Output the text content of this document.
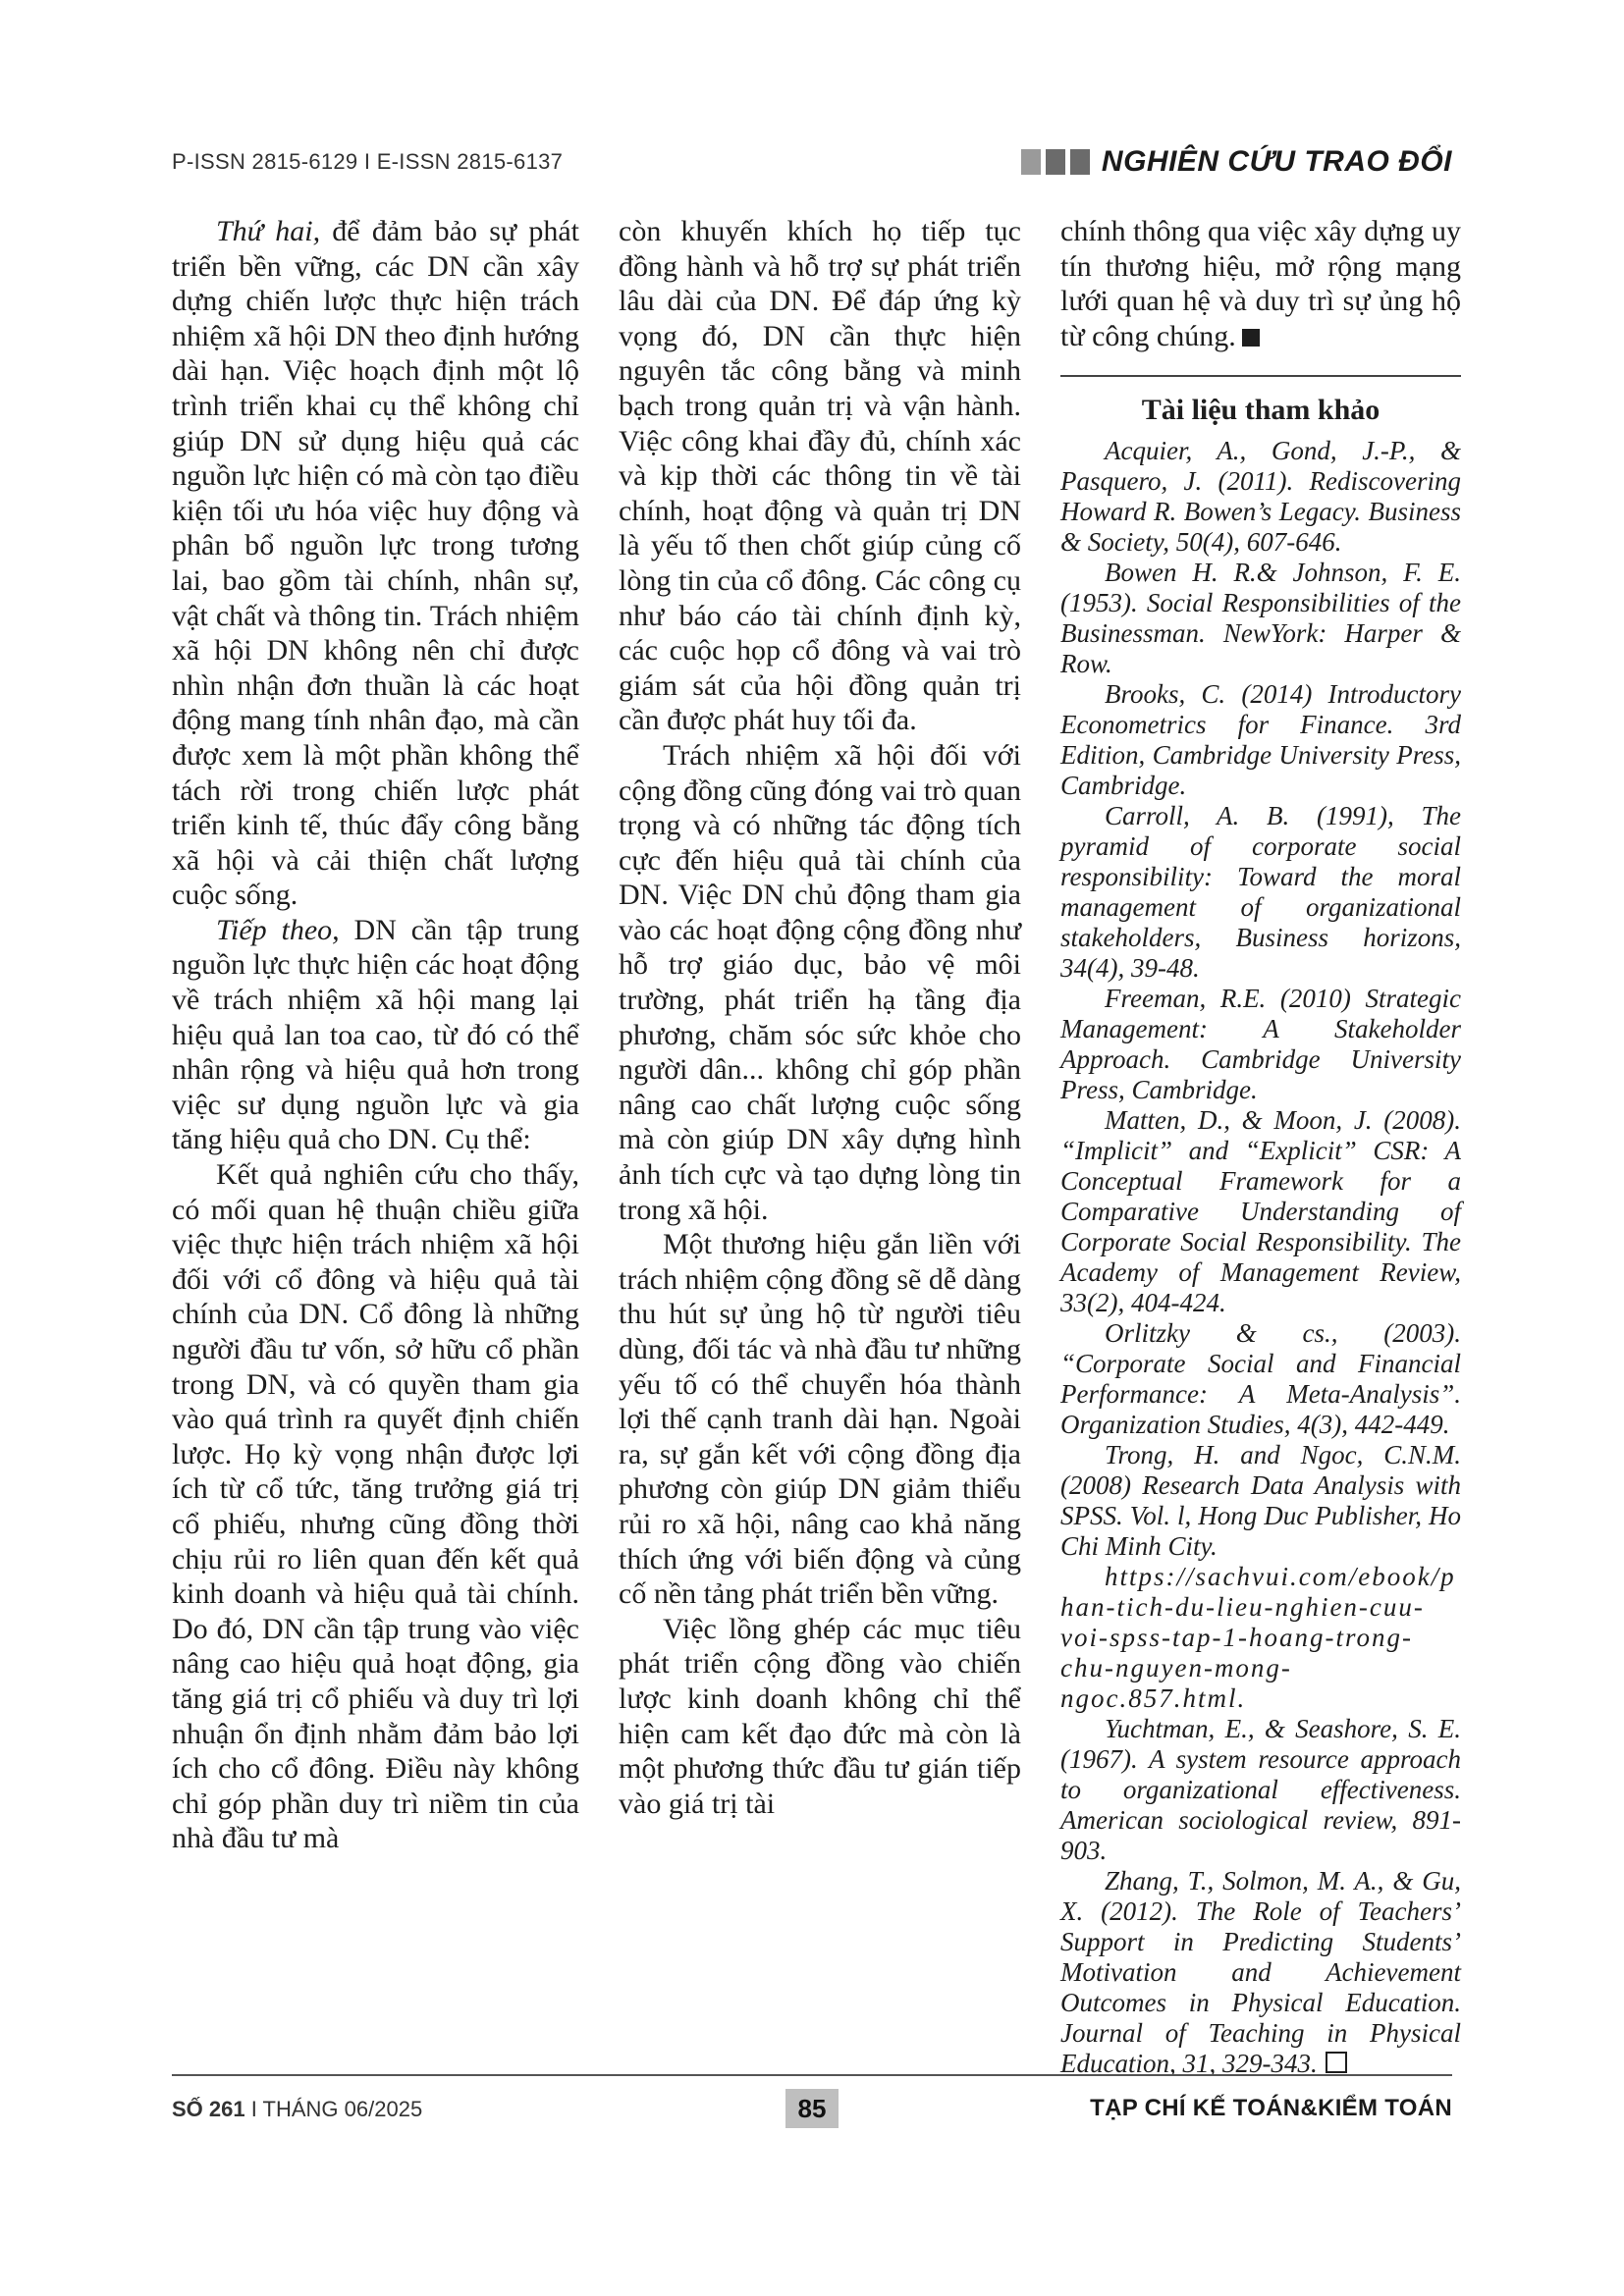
P-ISSN 2815-6129 I E-ISSN 2815-6137	NGHIÊN CỨU TRAO ĐỔI

Thứ hai, để đảm bảo sự phát triển bền vững, các DN cần xây dựng chiến lược thực hiện trách nhiệm xã hội DN theo định hướng dài hạn. Việc hoạch định một lộ trình triển khai cụ thể không chỉ giúp DN sử dụng hiệu quả các nguồn lực hiện có mà còn tạo điều kiện tối ưu hóa việc huy động và phân bổ nguồn lực trong tương lai, bao gồm tài chính, nhân sự, vật chất và thông tin. Trách nhiệm xã hội DN không nên chỉ được nhìn nhận đơn thuần là các hoạt động mang tính nhân đạo, mà cần được xem là một phần không thể tách rời trong chiến lược phát triển kinh tế, thúc đẩy công bằng xã hội và cải thiện chất lượng cuộc sống.

Tiếp theo, DN cần tập trung nguồn lực thực hiện các hoạt động về trách nhiệm xã hội mang lại hiệu quả lan toa cao, từ đó có thể nhân rộng và hiệu quả hơn trong việc sư dụng nguồn lực và gia tăng hiệu quả cho DN. Cụ thể:

Kết quả nghiên cứu cho thấy, có mối quan hệ thuận chiều giữa việc thực hiện trách nhiệm xã hội đối với cổ đông và hiệu quả tài chính của DN. Cổ đông là những người đầu tư vốn, sở hữu cổ phần trong DN, và có quyền tham gia vào quá trình ra quyết định chiến lược. Họ kỳ vọng nhận được lợi ích từ cổ tức, tăng trưởng giá trị cổ phiếu, nhưng cũng đồng thời chịu rủi ro liên quan đến kết quả kinh doanh và hiệu quả tài chính. Do đó, DN cần tập trung vào việc nâng cao hiệu quả hoạt động, gia tăng giá trị cổ phiếu và duy trì lợi nhuận ổn định nhằm đảm bảo lợi ích cho cổ đông. Điều này không chỉ góp phần duy trì niềm tin của nhà đầu tư mà

còn khuyến khích họ tiếp tục đồng hành và hỗ trợ sự phát triển lâu dài của DN. Để đáp ứng kỳ vọng đó, DN cần thực hiện nguyên tắc công bằng và minh bạch trong quản trị và vận hành. Việc công khai đầy đủ, chính xác và kịp thời các thông tin về tài chính, hoạt động và quản trị DN là yếu tố then chốt giúp củng cố lòng tin của cổ đông. Các công cụ như báo cáo tài chính định kỳ, các cuộc họp cổ đông và vai trò giám sát của hội đồng quản trị cần được phát huy tối đa.

Trách nhiệm xã hội đối với cộng đồng cũng đóng vai trò quan trọng và có những tác động tích cực đến hiệu quả tài chính của DN. Việc DN chủ động tham gia vào các hoạt động cộng đồng như hỗ trợ giáo dục, bảo vệ môi trường, phát triển hạ tầng địa phương, chăm sóc sức khỏe cho người dân... không chỉ góp phần nâng cao chất lượng cuộc sống mà còn giúp DN xây dựng hình ảnh tích cực và tạo dựng lòng tin trong xã hội.

Một thương hiệu gắn liền với trách nhiệm cộng đồng sẽ dễ dàng thu hút sự ủng hộ từ người tiêu dùng, đối tác và nhà đầu tư những yếu tố có thể chuyển hóa thành lợi thế cạnh tranh dài hạn. Ngoài ra, sự gắn kết với cộng đồng địa phương còn giúp DN giảm thiểu rủi ro xã hội, nâng cao khả năng thích ứng với biến động và củng cố nền tảng phát triển bền vững.

Việc lồng ghép các mục tiêu phát triển cộng đồng vào chiến lược kinh doanh không chỉ thể hiện cam kết đạo đức mà còn là một phương thức đầu tư gián tiếp vào giá trị tài

chính thông qua việc xây dựng uy tín thương hiệu, mở rộng mạng lưới quan hệ và duy trì sự ủng hộ từ công chúng.

Tài liệu tham khảo

Acquier, A., Gond, J.-P., & Pasquero, J. (2011). Rediscovering Howard R. Bowen’s Legacy. Business & Society, 50(4), 607-646.

Bowen H. R.& Johnson, F. E. (1953). Social Responsibilities of the Businessman. NewYork: Harper & Row.

Brooks, C. (2014) Introductory Econometrics for Finance. 3rd Edition, Cambridge University Press, Cambridge.

Carroll, A. B. (1991), The pyramid of corporate social responsibility: Toward the moral management of organizational stakeholders, Business horizons, 34(4), 39-48.

Freeman, R.E. (2010) Strategic Management: A Stakeholder Approach. Cambridge University Press, Cambridge.

Matten, D., & Moon, J. (2008). “Implicit” and “Explicit” CSR: A Conceptual Framework for a Comparative Understanding of Corporate Social Responsibility. The Academy of Management Review, 33(2), 404-424.

Orlitzky & cs., (2003). “Corporate Social and Financial Performance: A Meta-Analysis”. Organization Studies, 4(3), 442-449.

Trong, H. and Ngoc, C.N.M. (2008) Research Data Analysis with SPSS. Vol. l, Hong Duc Publisher, Ho Chi Minh City.

https://sachvui.com/ebook/phan-tich-du-lieu-nghien-cuu-voi-spss-tap-1-hoang-trong-chu-nguyen-mong-ngoc.857.html.

Yuchtman, E., & Seashore, S. E. (1967). A system resource approach to organizational effectiveness. American sociological review, 891-903.

Zhang, T., Solmon, M. A., & Gu, X. (2012). The Role of Teachers’ Support in Predicting Students’ Motivation and Achievement Outcomes in Physical Education. Journal of Teaching in Physical Education, 31, 329-343.

SỐ 261 I THÁNG 06/2025	85	TẠP CHÍ KẾ TOÁN&KIỂM TOÁN
